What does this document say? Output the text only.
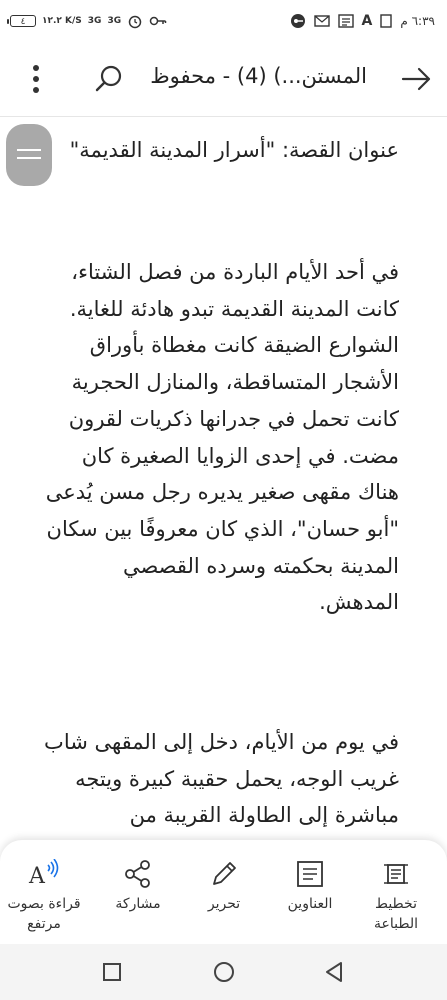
٤	١٢.٢ K/S 3G 3G	A ٦:٣٩ م
المستن...) (4) - محفوظ
عنوان القصة: "أسرار المدينة القديمة"

في أحد الأيام الباردة من فصل الشتاء، كانت المدينة القديمة تبدو هادئة للغاية. الشوارع الضيقة كانت مغطاة بأوراق الأشجار المتساقطة، والمنازل الحجرية كانت تحمل في جدرانها ذكريات لقرون مضت. في إحدى الزوايا الصغيرة كان هناك مقهى صغير يديره رجل مسن يُدعى "أبو حسان"، الذي كان معروفًا بين سكان المدينة بحكمته وسرده القصصي المدهش.

في يوم من الأيام، دخل إلى المقهى شاب غريب الوجه، يحمل حقيبة كبيرة ويتجه مباشرة إلى الطاولة القريبة من

A
قراءة بصوت مرتفع
مشاركة	تحرير	العناوين	تخطيط الطباعة
